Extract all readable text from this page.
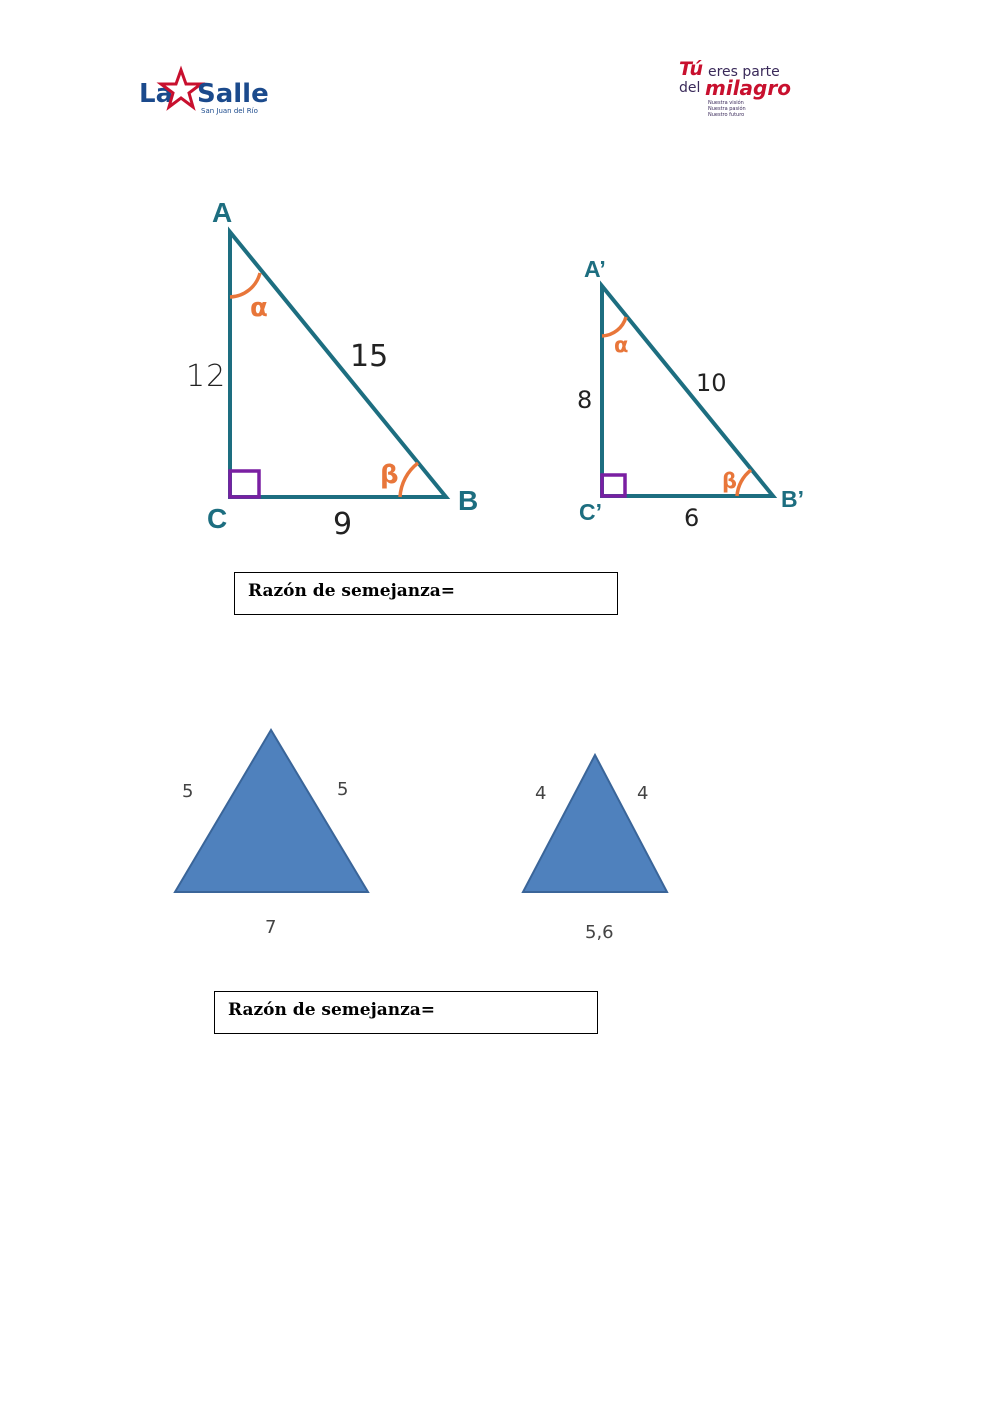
La Salle
San Juan del Río
Tú eres parte
del milagro
Nuestra visión
Nuestra pasión
Nuestro futuro
A
B
C
12
15
9
α
β
A’
B’
C’
8
10
6
α
β
Razón de semejanza=
5	5
7
4	4
5,6
Razón de semejanza=
